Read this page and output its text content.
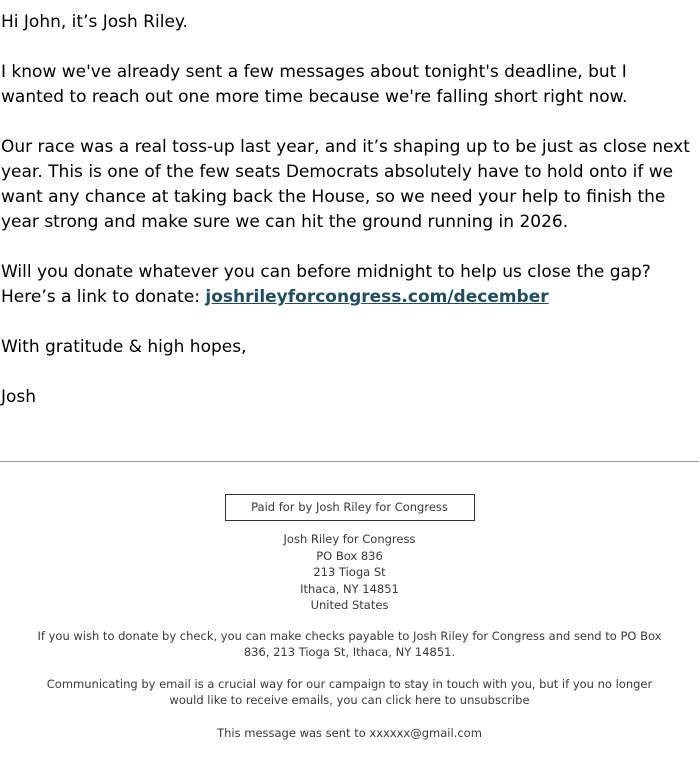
Hi John, it’s Josh Riley.

I know we've already sent a few messages about tonight's deadline, but I wanted to reach out one more time because we're falling short right now.

Our race was a real toss-up last year, and it’s shaping up to be just as close next year. This is one of the few seats Democrats absolutely have to hold onto if we want any chance at taking back the House, so we need your help to finish the year strong and make sure we can hit the ground running in 2026.

Will you donate whatever you can before midnight to help us close the gap? Here’s a link to donate: joshrileyforcongress.com/december

With gratitude & high hopes,

Josh

Paid for by Josh Riley for Congress
Josh Riley for Congress
PO Box 836
213 Tioga St
Ithaca, NY 14851
United States
If you wish to donate by check, you can make checks payable to Josh Riley for Congress and send to PO Box 836, 213 Tioga St, Ithaca, NY 14851.
Communicating by email is a crucial way for our campaign to stay in touch with you, but if you no longer would like to receive emails, you can click here to unsubscribe
This message was sent to xxxxxx@gmail.com
